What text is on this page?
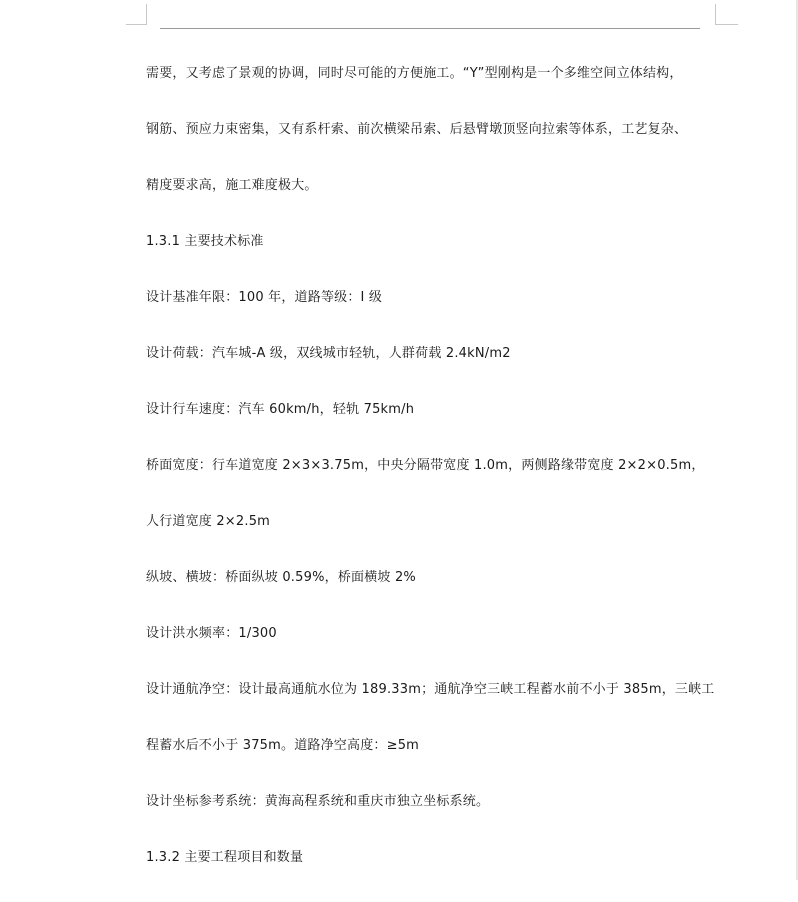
需要，又考虑了景观的协调，同时尽可能的方便施工。“Y”型刚构是一个多维空间立体结构，
钢筋、预应力束密集，又有系杆索、前次横梁吊索、后悬臂墩顶竖向拉索等体系，工艺复杂、
精度要求高，施工难度极大。
1.3.1 主要技术标准
设计基准年限：100 年，道路等级：I 级
设计荷载：汽车城-A 级，双线城市轻轨，人群荷载 2.4kN/m2
设计行车速度：汽车 60km/h，轻轨 75km/h
桥面宽度：行车道宽度 2×3×3.75m，中央分隔带宽度 1.0m，两侧路缘带宽度 2×2×0.5m，
人行道宽度 2×2.5m
纵坡、横坡：桥面纵坡 0.59%，桥面横坡 2%
设计洪水频率：1/300
设计通航净空：设计最高通航水位为 189.33m；通航净空三峡工程蓄水前不小于 385m，三峡工
程蓄水后不小于 375m。道路净空高度：≥5m
设计坐标参考系统：黄海高程系统和重庆市独立坐标系统。
1.3.2 主要工程项目和数量
